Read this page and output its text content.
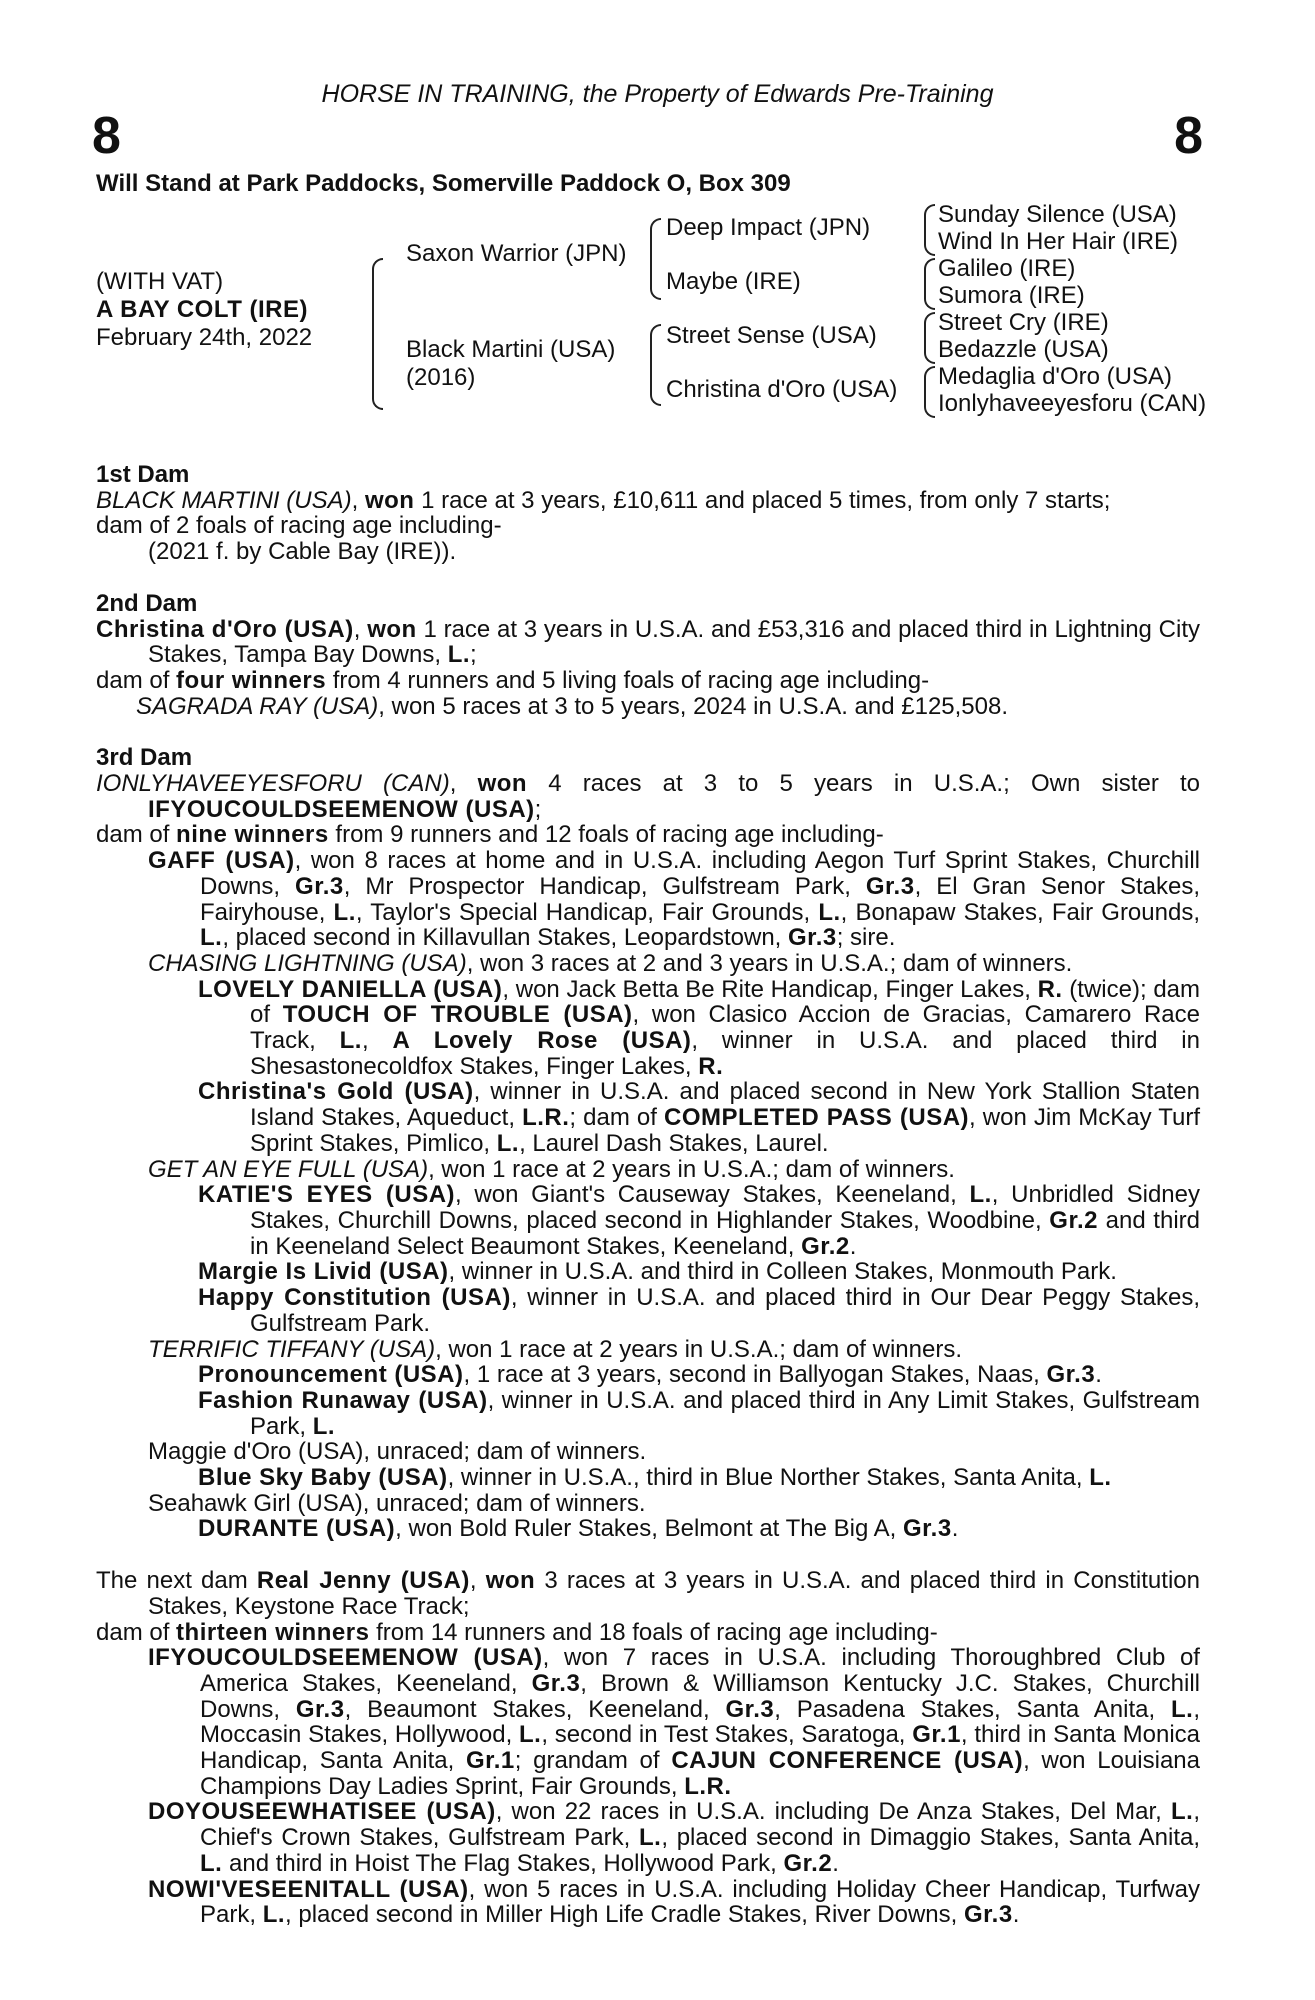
HORSE IN TRAINING, the Property of Edwards Pre-Training
8	8
Will Stand at Park Paddocks, Somerville Paddock O, Box 309
(WITH VAT)
A BAY COLT (IRE)
February 24th, 2022
Saxon Warrior (JPN)
Black Martini (USA)
(2016)
Deep Impact (JPN)
Maybe (IRE)
Street Sense (USA)
Christina d'Oro (USA)
Sunday Silence (USA)
Wind In Her Hair (IRE)
Galileo (IRE)
Sumora (IRE)
Street Cry (IRE)
Bedazzle (USA)
Medaglia d'Oro (USA)
Ionlyhaveeyesforu (CAN)
1st Dam
BLACK MARTINI (USA), won 1 race at 3 years, £10,611 and placed 5 times, from only 7 starts;
dam of 2 foals of racing age including-
(2021 f. by Cable Bay (IRE)).
2nd Dam
Christina d'Oro (USA), won 1 race at 3 years in U.S.A. and £53,316 and placed third in Lightning City Stakes, Tampa Bay Downs, L.;
dam of four winners from 4 runners and 5 living foals of racing age including-
SAGRADA RAY (USA), won 5 races at 3 to 5 years, 2024 in U.S.A. and £125,508.
3rd Dam
IONLYHAVEEYESFORU (CAN), won 4 races at 3 to 5 years in U.S.A.; Own sister to IFYOUCOULDSEEMENOW (USA);
dam of nine winners from 9 runners and 12 foals of racing age including-
GAFF (USA), won 8 races at home and in U.S.A. including Aegon Turf Sprint Stakes, Churchill Downs, Gr.3, Mr Prospector Handicap, Gulfstream Park, Gr.3, El Gran Senor Stakes, Fairyhouse, L., Taylor's Special Handicap, Fair Grounds, L., Bonapaw Stakes, Fair Grounds, L., placed second in Killavullan Stakes, Leopardstown, Gr.3; sire.
CHASING LIGHTNING (USA), won 3 races at 2 and 3 years in U.S.A.; dam of winners.
LOVELY DANIELLA (USA), won Jack Betta Be Rite Handicap, Finger Lakes, R. (twice); dam of TOUCH OF TROUBLE (USA), won Clasico Accion de Gracias, Camarero Race Track, L., A Lovely Rose (USA), winner in U.S.A. and placed third in Shesastonecoldfox Stakes, Finger Lakes, R.
Christina's Gold (USA), winner in U.S.A. and placed second in New York Stallion Staten Island Stakes, Aqueduct, L.R.; dam of COMPLETED PASS (USA), won Jim McKay Turf Sprint Stakes, Pimlico, L., Laurel Dash Stakes, Laurel.
GET AN EYE FULL (USA), won 1 race at 2 years in U.S.A.; dam of winners.
KATIE'S EYES (USA), won Giant's Causeway Stakes, Keeneland, L., Unbridled Sidney Stakes, Churchill Downs, placed second in Highlander Stakes, Woodbine, Gr.2 and third in Keeneland Select Beaumont Stakes, Keeneland, Gr.2.
Margie Is Livid (USA), winner in U.S.A. and third in Colleen Stakes, Monmouth Park.
Happy Constitution (USA), winner in U.S.A. and placed third in Our Dear Peggy Stakes, Gulfstream Park.
TERRIFIC TIFFANY (USA), won 1 race at 2 years in U.S.A.; dam of winners.
Pronouncement (USA), 1 race at 3 years, second in Ballyogan Stakes, Naas, Gr.3.
Fashion Runaway (USA), winner in U.S.A. and placed third in Any Limit Stakes, Gulfstream Park, L.
Maggie d'Oro (USA), unraced; dam of winners.
Blue Sky Baby (USA), winner in U.S.A., third in Blue Norther Stakes, Santa Anita, L.
Seahawk Girl (USA), unraced; dam of winners.
DURANTE (USA), won Bold Ruler Stakes, Belmont at The Big A, Gr.3.
The next dam Real Jenny (USA), won 3 races at 3 years in U.S.A. and placed third in Constitution Stakes, Keystone Race Track;
dam of thirteen winners from 14 runners and 18 foals of racing age including-
IFYOUCOULDSEEMENOW (USA), won 7 races in U.S.A. including Thoroughbred Club of America Stakes, Keeneland, Gr.3, Brown & Williamson Kentucky J.C. Stakes, Churchill Downs, Gr.3, Beaumont Stakes, Keeneland, Gr.3, Pasadena Stakes, Santa Anita, L., Moccasin Stakes, Hollywood, L., second in Test Stakes, Saratoga, Gr.1, third in Santa Monica Handicap, Santa Anita, Gr.1; grandam of CAJUN CONFERENCE (USA), won Louisiana Champions Day Ladies Sprint, Fair Grounds, L.R.
DOYOUSEEWHATISEE (USA), won 22 races in U.S.A. including De Anza Stakes, Del Mar, L., Chief's Crown Stakes, Gulfstream Park, L., placed second in Dimaggio Stakes, Santa Anita, L. and third in Hoist The Flag Stakes, Hollywood Park, Gr.2.
NOWI'VESEENITALL (USA), won 5 races in U.S.A. including Holiday Cheer Handicap, Turfway Park, L., placed second in Miller High Life Cradle Stakes, River Downs, Gr.3.
